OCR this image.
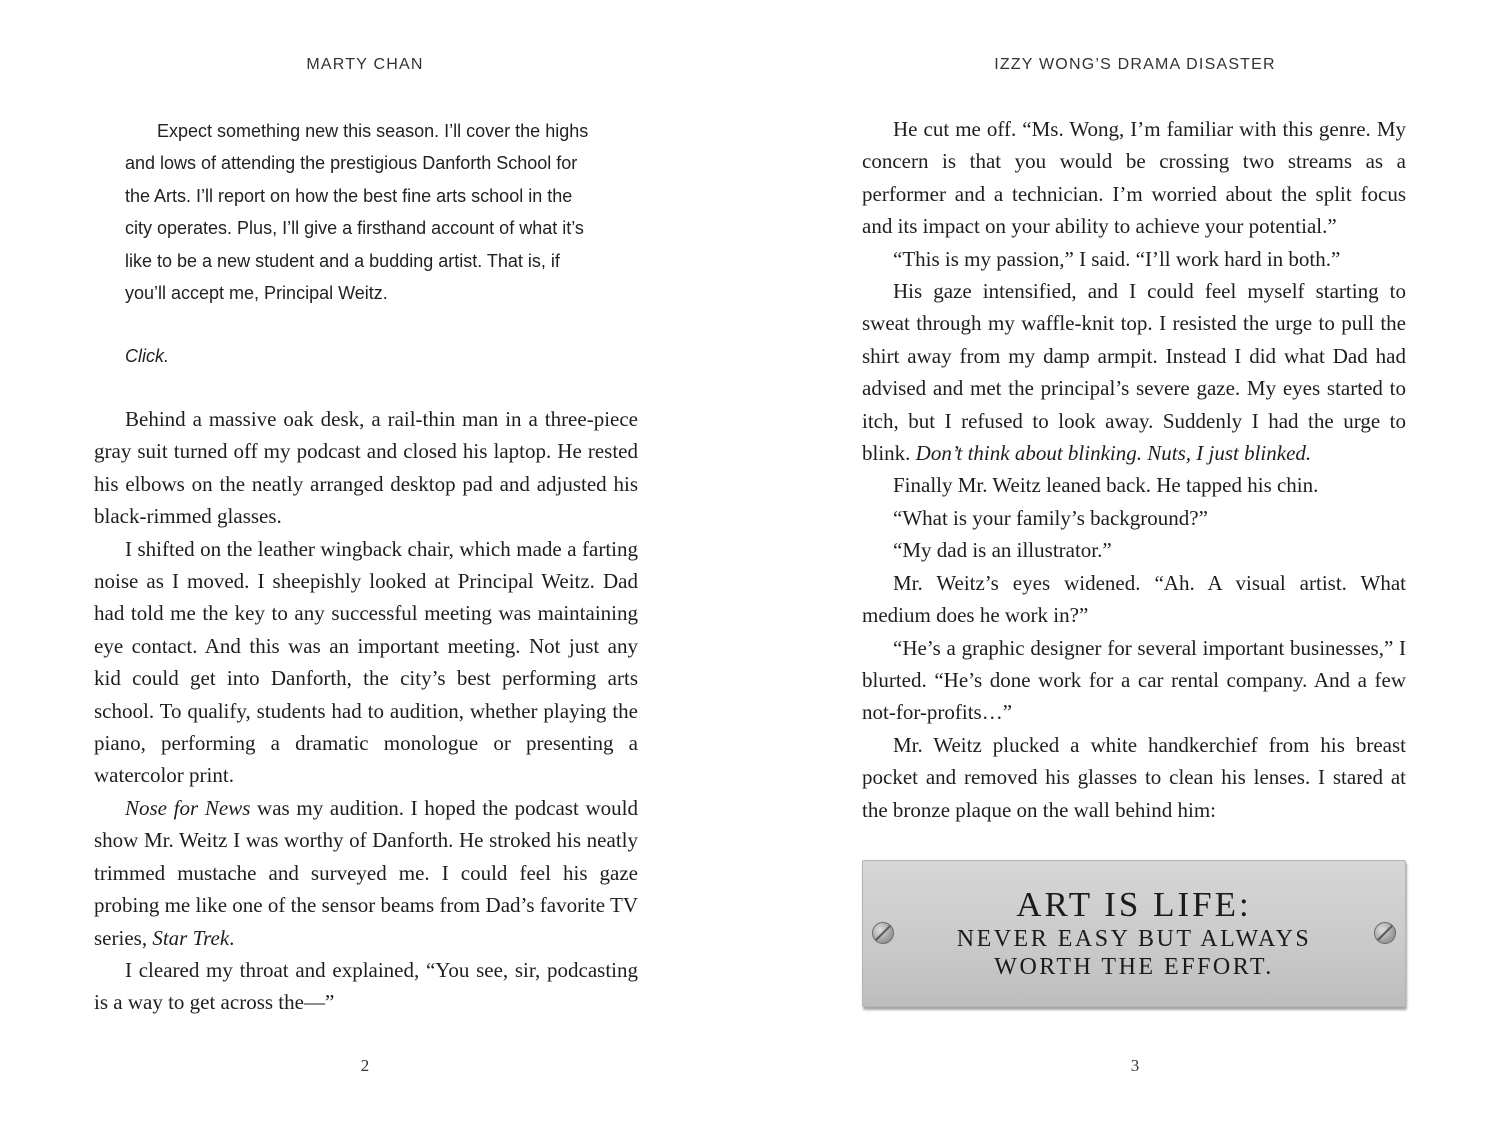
MARTY CHAN

Expect something new this season. I’ll cover the highs and lows of attending the prestigious Danforth School for the Arts. I’ll report on how the best fine arts school in the city operates. Plus, I’ll give a firsthand account of what it’s like to be a new student and a budding artist. That is, if you’ll accept me, Principal Weitz.

Click.

Behind a massive oak desk, a rail-thin man in a three-piece gray suit turned off my podcast and closed his laptop. He rested his elbows on the neatly arranged desktop pad and adjusted his black-rimmed glasses.

I shifted on the leather wingback chair, which made a farting noise as I moved. I sheepishly looked at Principal Weitz. Dad had told me the key to any successful meeting was maintaining eye contact. And this was an important meeting. Not just any kid could get into Danforth, the city’s best performing arts school. To qualify, students had to audition, whether playing the piano, performing a dramatic monologue or presenting a watercolor print.

Nose for News was my audition. I hoped the podcast would show Mr. Weitz I was worthy of Danforth. He stroked his neatly trimmed mustache and surveyed me. I could feel his gaze probing me like one of the sensor beams from Dad’s favorite TV series, Star Trek.

I cleared my throat and explained, “You see, sir, podcasting is a way to get across the—”

2
IZZY WONG’S DRAMA DISASTER

He cut me off. “Ms. Wong, I’m familiar with this genre. My concern is that you would be crossing two streams as a performer and a technician. I’m worried about the split focus and its impact on your ability to achieve your potential.”

“This is my passion,” I said. “I’ll work hard in both.”

His gaze intensified, and I could feel myself starting to sweat through my waffle-knit top. I resisted the urge to pull the shirt away from my damp armpit. Instead I did what Dad had advised and met the principal’s severe gaze. My eyes started to itch, but I refused to look away. Suddenly I had the urge to blink. Don’t think about blinking. Nuts, I just blinked.

Finally Mr. Weitz leaned back. He tapped his chin.

“What is your family’s background?”

“My dad is an illustrator.”

Mr. Weitz’s eyes widened. “Ah. A visual artist. What medium does he work in?”

“He’s a graphic designer for several important businesses,” I blurted. “He’s done work for a car rental company. And a few not-for-profits…”

Mr. Weitz plucked a white handkerchief from his breast pocket and removed his glasses to clean his lenses. I stared at the bronze plaque on the wall behind him:

ART IS LIFE:
NEVER EASY BUT ALWAYS
WORTH THE EFFORT.
3
